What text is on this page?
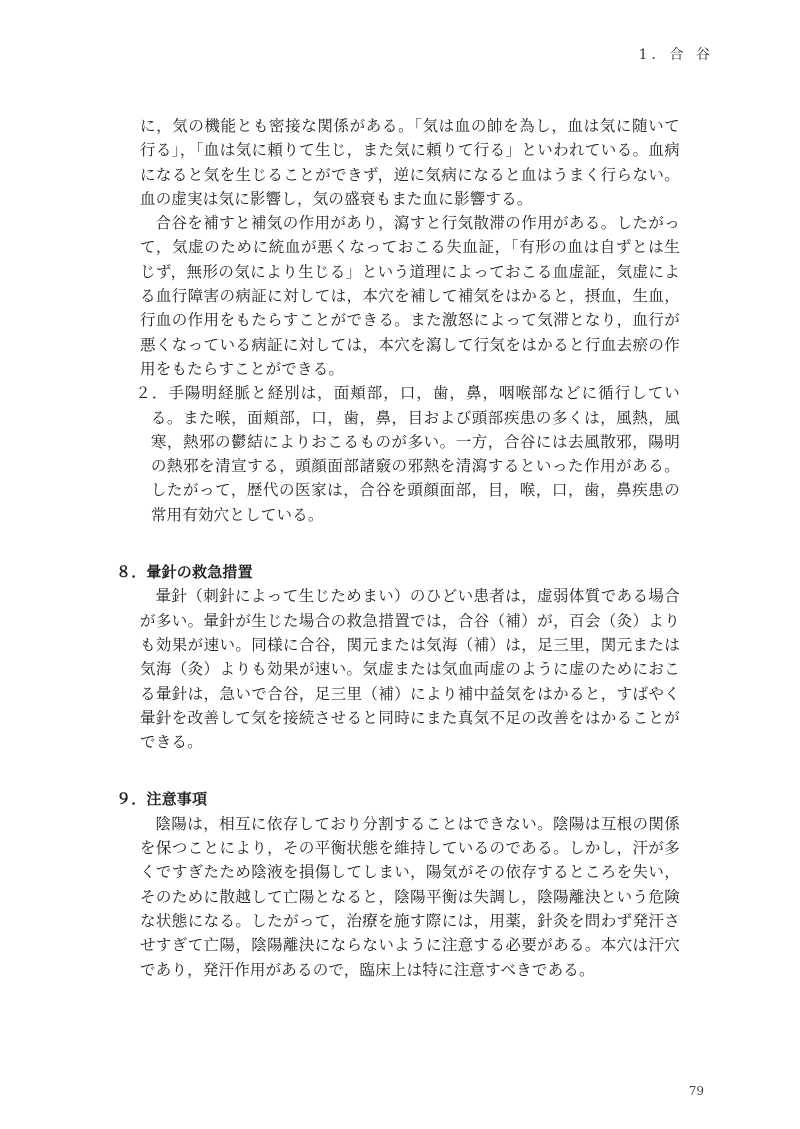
1．合 谷

に，気の機能とも密接な関係がある。「気は血の帥を為し，血は気に随いて行る」，「血は気に頼りて生じ，また気に頼りて行る」といわれている。血病になると気を生じることができず，逆に気病になると血はうまく行らない。血の虚実は気に影響し，気の盛衰もまた血に影響する。

合谷を補すと補気の作用があり，瀉すと行気散滞の作用がある。したがって，気虚のために統血が悪くなっておこる失血証，「有形の血は自ずとは生じず，無形の気により生じる」という道理によっておこる血虚証，気虚による血行障害の病証に対しては，本穴を補して補気をはかると，摂血，生血，行血の作用をもたらすことができる。また激怒によって気滞となり，血行が悪くなっている病証に対しては，本穴を瀉して行気をはかると行血去瘀の作用をもたらすことができる。

２．手陽明経脈と経別は，面頬部，口，歯，鼻，咽喉部などに循行している。また喉，面頬部，口，歯，鼻，目および頭部疾患の多くは，風熱，風寒，熱邪の鬱結によりおこるものが多い。一方，合谷には去風散邪，陽明の熱邪を清宣する，頭顔面部諸竅の邪熱を清瀉するといった作用がある。したがって，歴代の医家は，合谷を頭顔面部，目，喉，口，歯，鼻疾患の常用有効穴としている。

８．暈針の救急措置

暈針（刺針によって生じためまい）のひどい患者は，虚弱体質である場合が多い。暈針が生じた場合の救急措置では，合谷（補）が，百会（灸）よりも効果が速い。同様に合谷，関元または気海（補）は，足三里，関元または気海（灸）よりも効果が速い。気虚または気血両虚のように虚のためにおこる暈針は，急いで合谷，足三里（補）により補中益気をはかると，すばやく暈針を改善して気を接続させると同時にまた真気不足の改善をはかることができる。

９．注意事項

陰陽は，相互に依存しており分割することはできない。陰陽は互根の関係を保つことにより，その平衡状態を維持しているのである。しかし，汗が多くですぎたため陰液を損傷してしまい，陽気がその依存するところを失い，そのために散越して亡陽となると，陰陽平衡は失調し，陰陽離決という危険な状態になる。したがって，治療を施す際には，用薬，針灸を問わず発汗させすぎて亡陽，陰陽離決にならないように注意する必要がある。本穴は汗穴であり，発汗作用があるので，臨床上は特に注意すべきである。

79
